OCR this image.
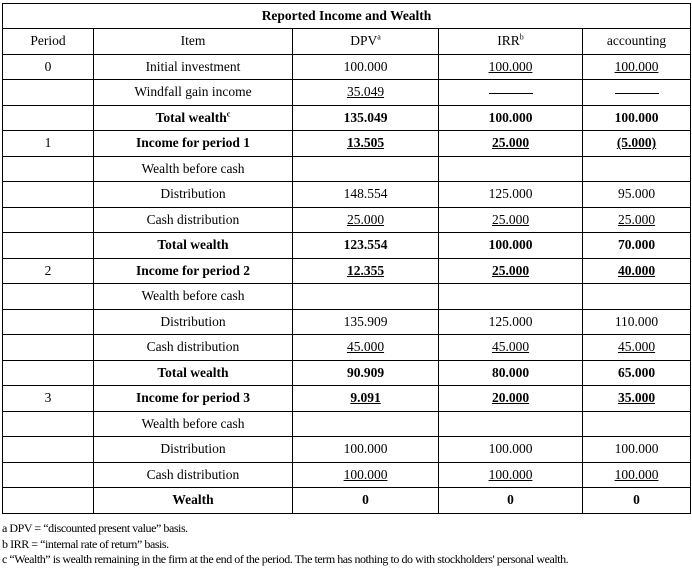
Reported Income and Wealth				
Period	Item	DPV$^a$	IRR$^b$	accounting
0	Initial investment	100.000	100.000	100.000
	Windfall gain income	35.049		
	Total wealth$^c$	135.049	100.000	100.000
1	Income for period 1	13.505	25.000	(5.000)
	Wealth before cash			
	Distribution	148.554	125.000	95.000
	Cash distribution	25.000	25.000	25.000
	Total wealth	123.554	100.000	70.000
2	Income for period 2	12.355	25.000	40.000
	Wealth before cash			
	Distribution	135.909	125.000	110.000
	Cash distribution	45.000	45.000	45.000
	Total wealth	90.909	80.000	65.000
3	Income for period 3	9.091	20.000	35.000
	Wealth before cash			
	Distribution	100.000	100.000	100.000
	Cash distribution	100.000	100.000	100.000
	Wealth	0	0	0
a DPV = “discounted present value” basis.
b IRR = “internal rate of return” basis.
c “Wealth” is wealth remaining in the firm at the end of the period. The term has nothing to do with stockholders' personal wealth.
